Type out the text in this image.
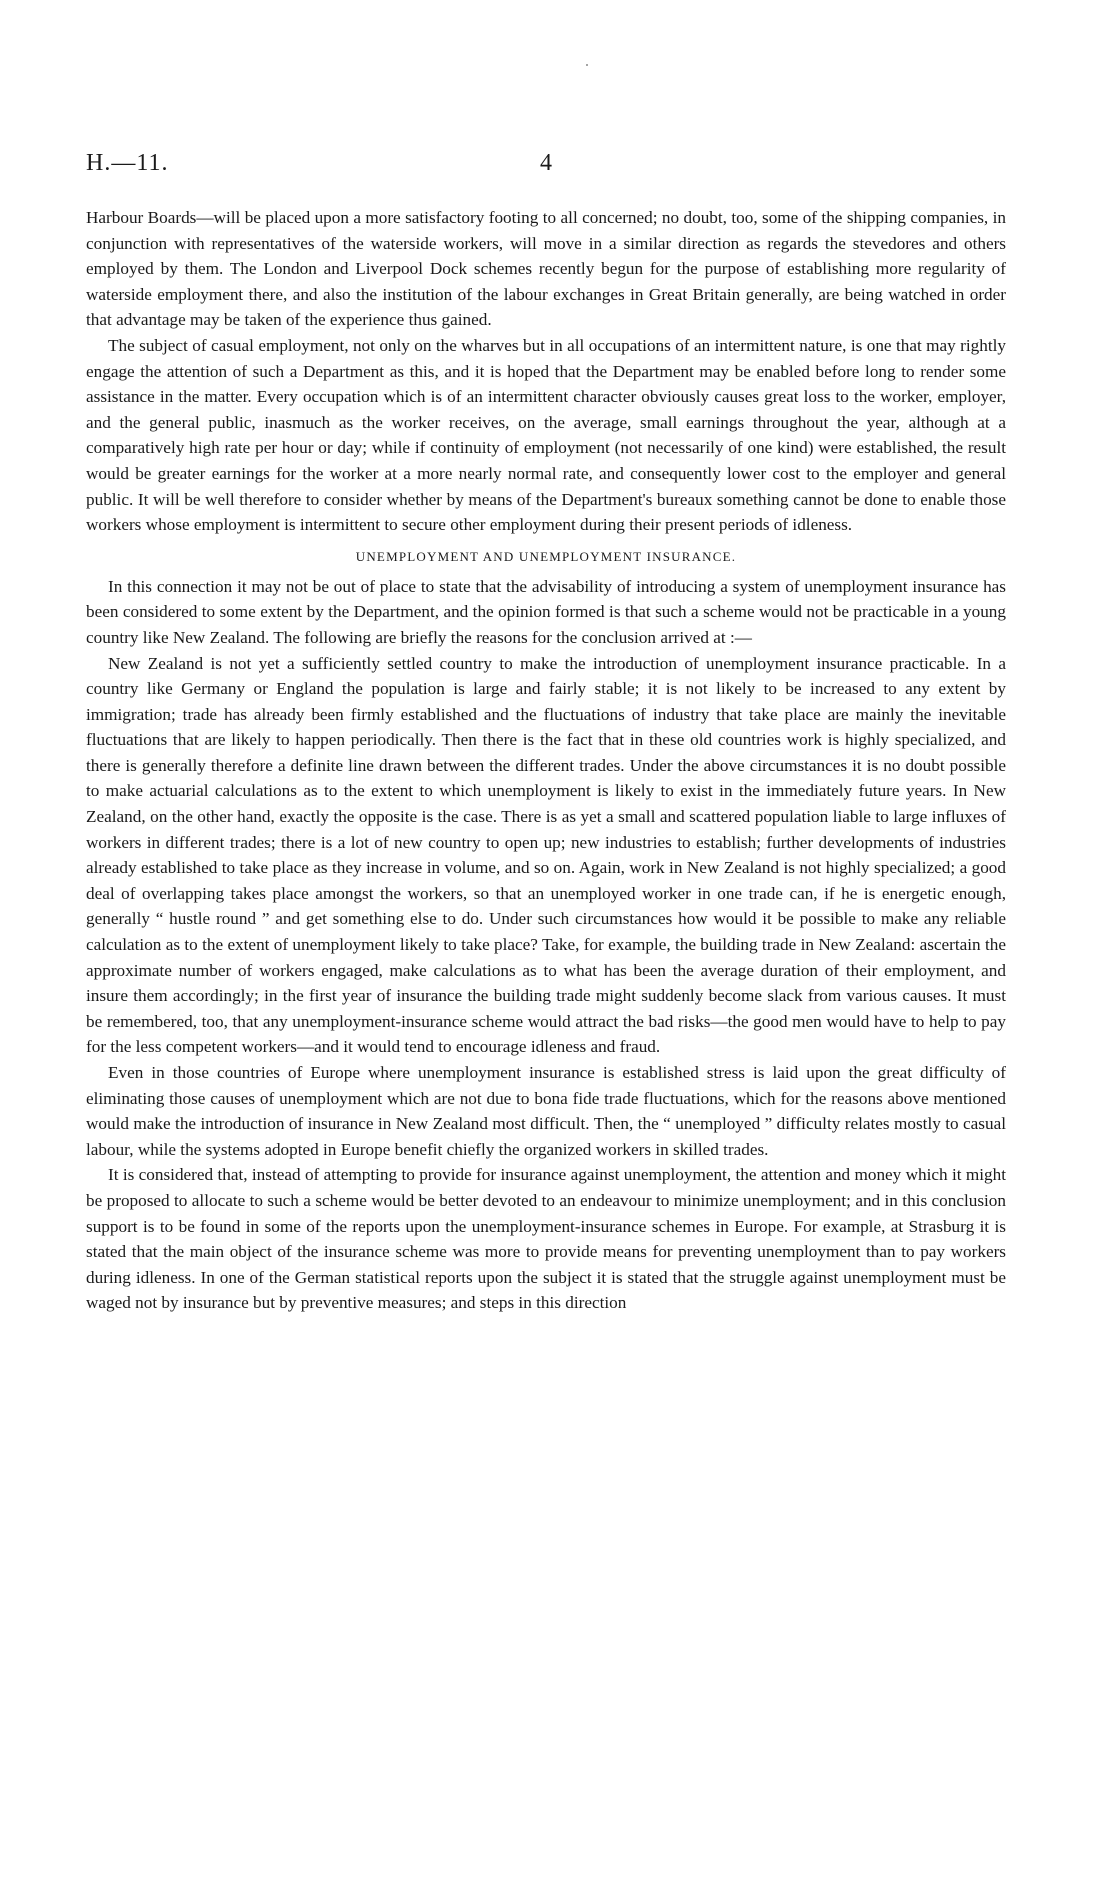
H.—11.	4

Harbour Boards—will be placed upon a more satisfactory footing to all concerned; no doubt, too, some of the shipping companies, in conjunction with representatives of the waterside workers, will move in a similar direction as regards the stevedores and others employed by them. The London and Liverpool Dock schemes recently begun for the purpose of establishing more regularity of waterside employment there, and also the institution of the labour exchanges in Great Britain generally, are being watched in order that advantage may be taken of the experience thus gained.

The subject of casual employment, not only on the wharves but in all occupations of an intermittent nature, is one that may rightly engage the attention of such a Department as this, and it is hoped that the Department may be enabled before long to render some assistance in the matter. Every occupation which is of an intermittent character obviously causes great loss to the worker, employer, and the general public, inasmuch as the worker receives, on the average, small earnings throughout the year, although at a comparatively high rate per hour or day; while if continuity of employment (not necessarily of one kind) were established, the result would be greater earnings for the worker at a more nearly normal rate, and consequently lower cost to the employer and general public. It will be well therefore to consider whether by means of the Department's bureaux something cannot be done to enable those workers whose employment is intermittent to secure other employment during their present periods of idleness.

UNEMPLOYMENT AND UNEMPLOYMENT INSURANCE.

In this connection it may not be out of place to state that the advisability of introducing a system of unemployment insurance has been considered to some extent by the Department, and the opinion formed is that such a scheme would not be practicable in a young country like New Zealand. The following are briefly the reasons for the conclusion arrived at :—

New Zealand is not yet a sufficiently settled country to make the introduction of unemployment insurance practicable. In a country like Germany or England the population is large and fairly stable; it is not likely to be increased to any extent by immigration; trade has already been firmly established and the fluctuations of industry that take place are mainly the inevitable fluctuations that are likely to happen periodically. Then there is the fact that in these old countries work is highly specialized, and there is generally therefore a definite line drawn between the different trades. Under the above circumstances it is no doubt possible to make actuarial calculations as to the extent to which unemployment is likely to exist in the immediately future years. In New Zealand, on the other hand, exactly the opposite is the case. There is as yet a small and scattered population liable to large influxes of workers in different trades; there is a lot of new country to open up; new industries to establish; further developments of industries already established to take place as they increase in volume, and so on. Again, work in New Zealand is not highly specialized; a good deal of overlapping takes place amongst the workers, so that an unemployed worker in one trade can, if he is energetic enough, generally “ hustle round ” and get something else to do. Under such circumstances how would it be possible to make any reliable calculation as to the extent of unemployment likely to take place? Take, for example, the building trade in New Zealand: ascertain the approximate number of workers engaged, make calculations as to what has been the average duration of their employment, and insure them accordingly; in the first year of insurance the building trade might suddenly become slack from various causes. It must be remembered, too, that any unemployment-insurance scheme would attract the bad risks—the good men would have to help to pay for the less competent workers—and it would tend to encourage idleness and fraud.

Even in those countries of Europe where unemployment insurance is established stress is laid upon the great difficulty of eliminating those causes of unemployment which are not due to bona fide trade fluctuations, which for the reasons above mentioned would make the introduction of insurance in New Zealand most difficult. Then, the “ unemployed ” difficulty relates mostly to casual labour, while the systems adopted in Europe benefit chiefly the organized workers in skilled trades.

It is considered that, instead of attempting to provide for insurance against unemployment, the attention and money which it might be proposed to allocate to such a scheme would be better devoted to an endeavour to minimize unemployment; and in this conclusion support is to be found in some of the reports upon the unemployment-insurance schemes in Europe. For example, at Strasburg it is stated that the main object of the insurance scheme was more to provide means for preventing unemployment than to pay workers during idleness. In one of the German statistical reports upon the subject it is stated that the struggle against unemployment must be waged not by insurance but by preventive measures; and steps in this direction
